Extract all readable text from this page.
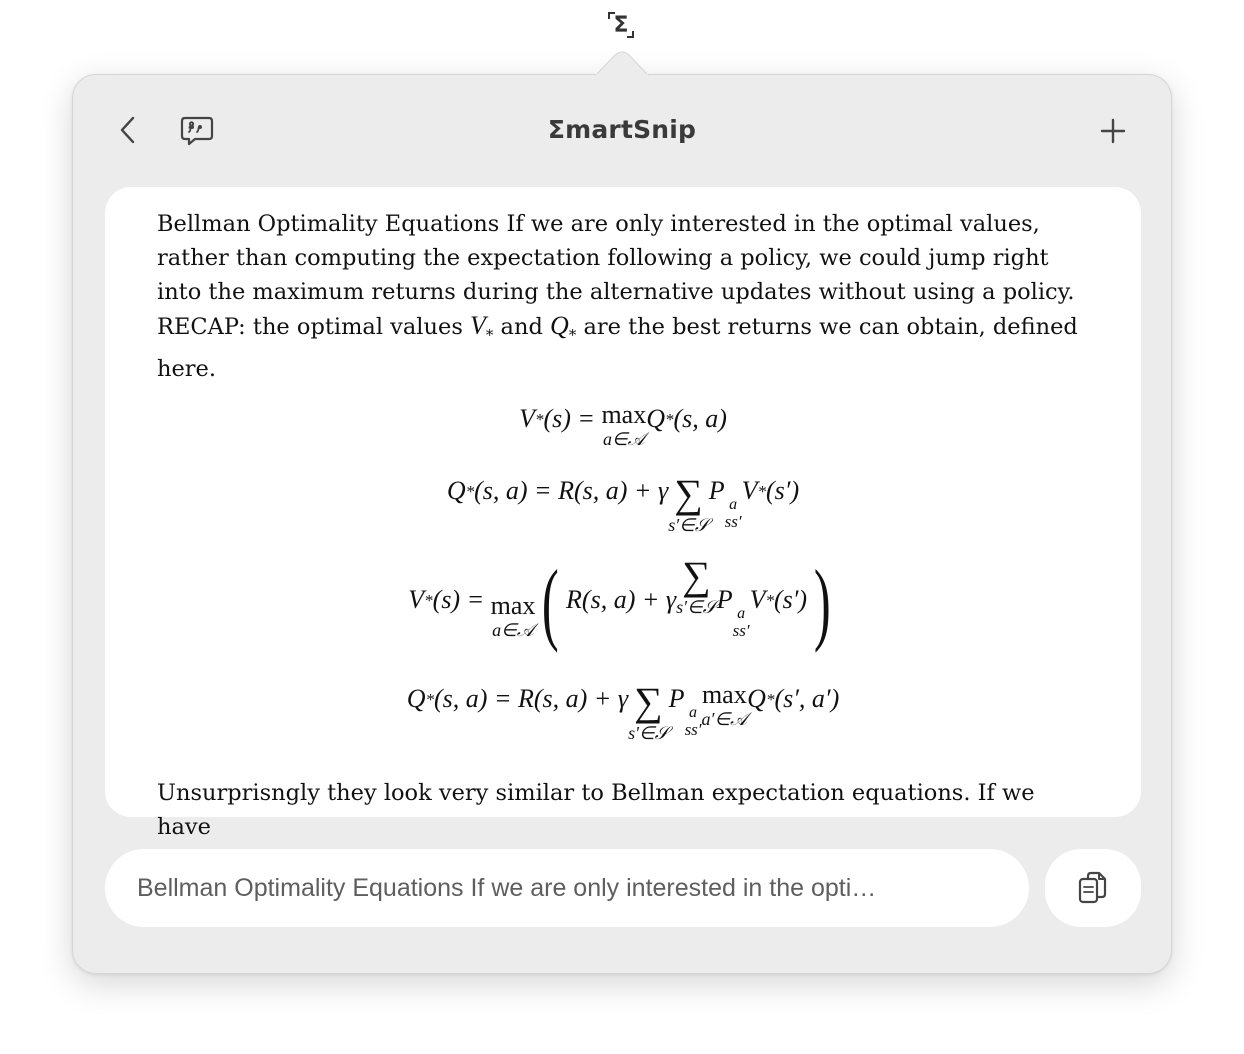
Σ
ΣmartSnip

Bellman Optimality Equations If we are only interested in the optimal values, rather than computing the expectation following a policy, we could jump right into the maximum returns during the alternative updates without using a policy.
RECAP: the optimal values V* and Q* are the best returns we can obtain, defined here.

V*(s) = max
a∈𝒜
Q*(s, a)
Q*(s, a) = R(s, a) + γ ∑
s′∈𝒮
P a
ss′
V*(s′)
V*(s) = max
a∈𝒜 ( R(s, a) + γ
∑
s′∈𝒮 P a
ss′
V*(s′))
Q*(s, a) = R(s, a) + γ ∑
s′∈𝒮
P a
ss′
max
a′∈𝒜
Q*(s′, a′)

Unsurprisngly they look very similar to Bellman expectation equations. If we have

Bellman Optimality Equations If we are only interested in the opti…
